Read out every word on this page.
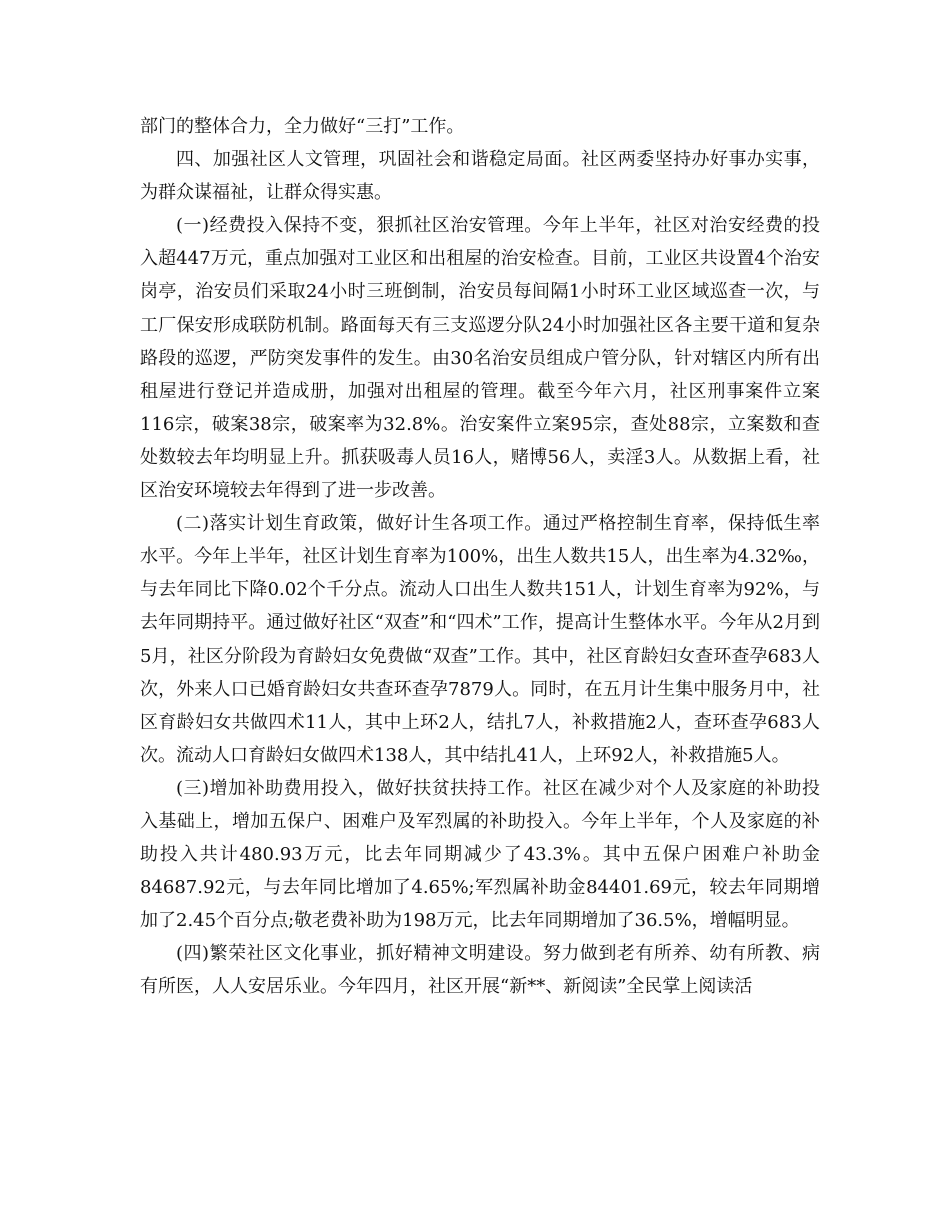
部门的整体合力，全力做好“三打”工作。

四、加强社区人文管理，巩固社会和谐稳定局面。社区两委坚持办好事办实事，为群众谋福祉，让群众得实惠。

(一)经费投入保持不变，狠抓社区治安管理。今年上半年，社区对治安经费的投入超447万元，重点加强对工业区和出租屋的治安检查。目前，工业区共设置4个治安岗亭，治安员们采取24小时三班倒制，治安员每间隔1小时环工业区域巡查一次，与工厂保安形成联防机制。路面每天有三支巡逻分队24小时加强社区各主要干道和复杂路段的巡逻，严防突发事件的发生。由30名治安员组成户管分队，针对辖区内所有出租屋进行登记并造成册，加强对出租屋的管理。截至今年六月，社区刑事案件立案116宗，破案38宗，破案率为32.8%。治安案件立案95宗，查处88宗，立案数和查处数较去年均明显上升。抓获吸毒人员16人，赌博56人，卖淫3人。从数据上看，社区治安环境较去年得到了进一步改善。

(二)落实计划生育政策，做好计生各项工作。通过严格控制生育率，保持低生率水平。今年上半年，社区计划生育率为100%，出生人数共15人，出生率为4.32‰，与去年同比下降0.02个千分点。流动人口出生人数共151人，计划生育率为92%，与去年同期持平。通过做好社区“双查”和“四术”工作，提高计生整体水平。今年从2月到5月，社区分阶段为育龄妇女免费做“双查”工作。其中，社区育龄妇女查环查孕683人次，外来人口已婚育龄妇女共查环查孕7879人。同时，在五月计生集中服务月中，社区育龄妇女共做四术11人，其中上环2人，结扎7人，补救措施2人，查环查孕683人次。流动人口育龄妇女做四术138人，其中结扎41人，上环92人，补救措施5人。

(三)增加补助费用投入，做好扶贫扶持工作。社区在减少对个人及家庭的补助投入基础上，增加五保户、困难户及军烈属的补助投入。今年上半年，个人及家庭的补助投入共计480.93万元，比去年同期减少了43.3%。其中五保户困难户补助金84687.92元，与去年同比增加了4.65%;军烈属补助金84401.69元，较去年同期增加了2.45个百分点;敬老费补助为198万元，比去年同期增加了36.5%，增幅明显。

(四)繁荣社区文化事业，抓好精神文明建设。努力做到老有所养、幼有所教、病有所医，人人安居乐业。今年四月，社区开展“新**、新阅读”全民掌上阅读活
